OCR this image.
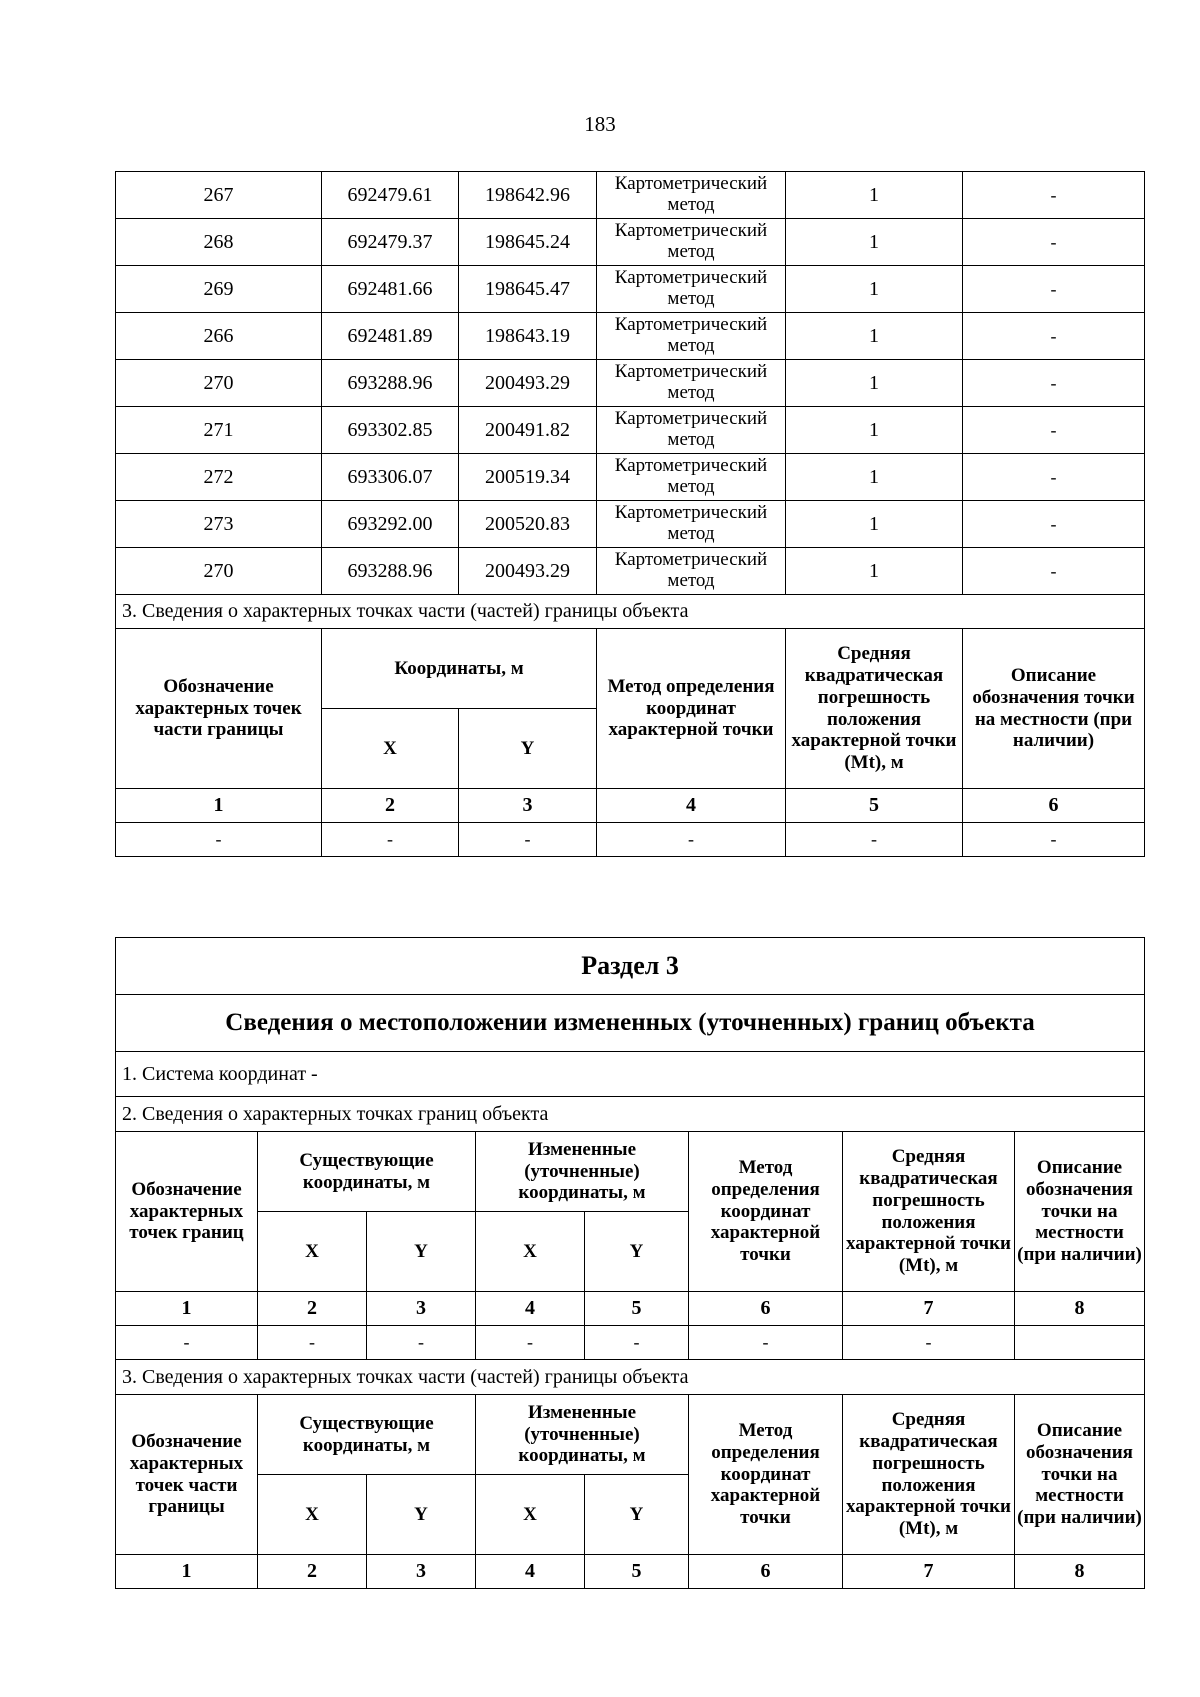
183
267	692479.61	198642.96	Картометрический метод	1	-
268	692479.37	198645.24	Картометрический метод	1	-
269	692481.66	198645.47	Картометрический метод	1	-
266	692481.89	198643.19	Картометрический метод	1	-
270	693288.96	200493.29	Картометрический метод	1	-
271	693302.85	200491.82	Картометрический метод	1	-
272	693306.07	200519.34	Картометрический метод	1	-
273	693292.00	200520.83	Картометрический метод	1	-
270	693288.96	200493.29	Картометрический метод	1	-
3. Сведения о характерных точках части (частей) границы объекта					
Обозначение характерных точек части границы	Координаты, м		Метод определения координат характерной точки	Средняя квадратическая погрешность положения характерной точки (Mt), м	Описание обозначения точки на местности (при наличии)
	X	Y			
1	2	3	4	5	6
-	-	-	-	-	-
Раздел 3							
Сведения о местоположении измененных (уточненных) границ объекта							
1. Система координат -							
2. Сведения о характерных точках границ объекта							
Обозначение характерных точек границ	Существующие координаты, м		Измененные (уточненные) координаты, м		Метод определения координат характерной точки	Средняя квадратическая погрешность положения характерной точки (Mt), м	Описание обозначения точки на местности (при наличии)
	X	Y	X	Y			
1	2	3	4	5	6	7	8
-	-	-	-	-	-	-	
3. Сведения о характерных точках части (частей) границы объекта							
Обозначение характерных точек части границы	Существующие координаты, м		Измененные (уточненные) координаты, м		Метод определения координат характерной точки	Средняя квадратическая погрешность положения характерной точки (Mt), м	Описание обозначения точки на местности (при наличии)
	X	Y	X	Y			
1	2	3	4	5	6	7	8
